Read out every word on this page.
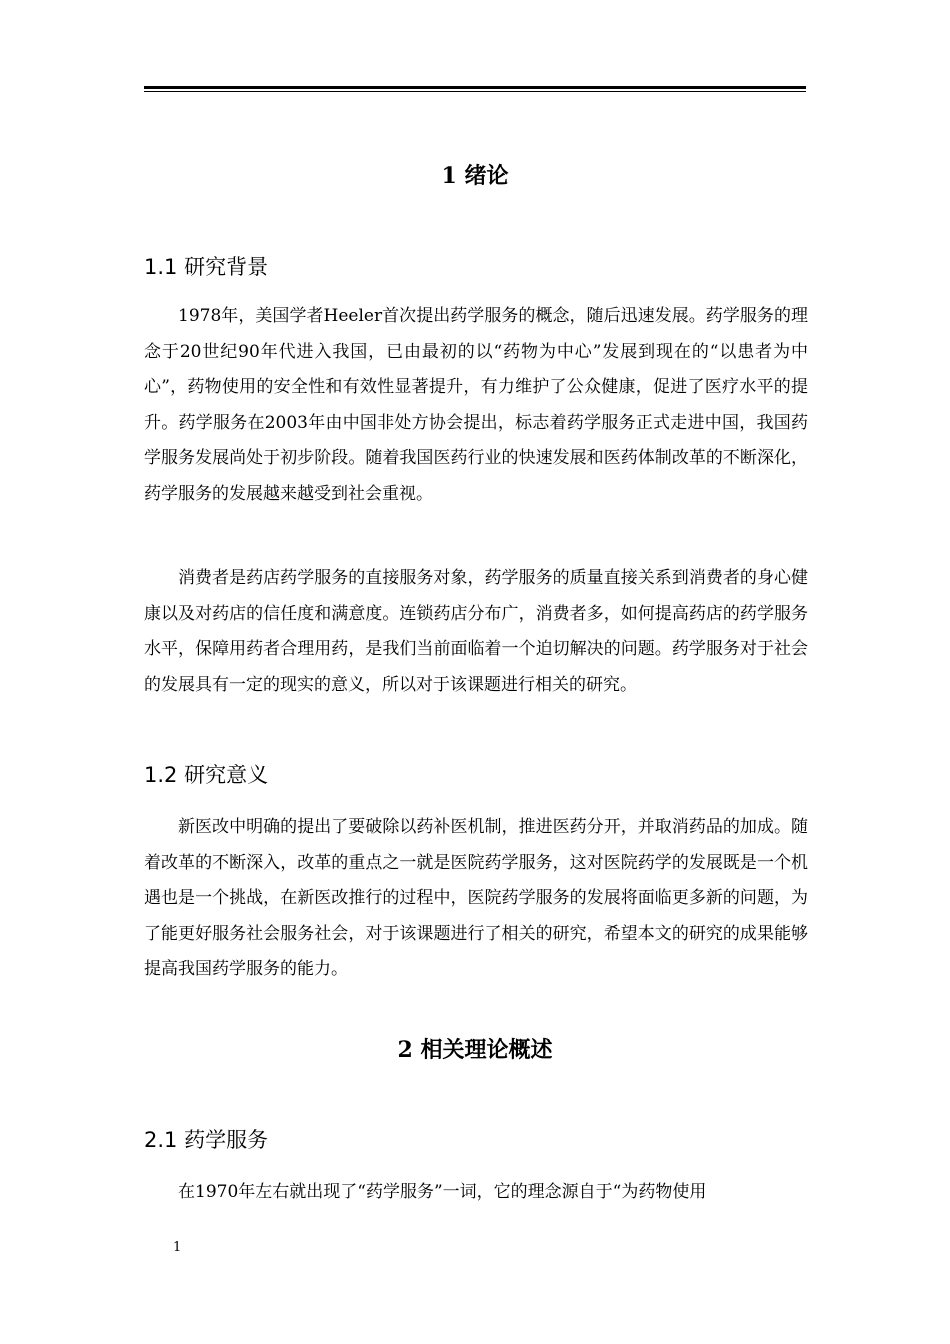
1 绪论
1.1 研究背景

1978年，美国学者Heeler首次提出药学服务的概念，随后迅速发展。药学服务的理念于20世纪90年代进入我国，已由最初的以“药物为中心”发展到现在的“以患者为中心”，药物使用的安全性和有效性显著提升，有力维护了公众健康，促进了医疗水平的提升。药学服务在2003年由中国非处方协会提出，标志着药学服务正式走进中国，我国药学服务发展尚处于初步阶段。随着我国医药行业的快速发展和医药体制改革的不断深化，药学服务的发展越来越受到社会重视。

消费者是药店药学服务的直接服务对象，药学服务的质量直接关系到消费者的身心健康以及对药店的信任度和满意度。连锁药店分布广，消费者多，如何提高药店的药学服务水平，保障用药者合理用药，是我们当前面临着一个迫切解决的问题。药学服务对于社会的发展具有一定的现实的意义，所以对于该课题进行相关的研究。

1.2 研究意义

新医改中明确的提出了要破除以药补医机制，推进医药分开，并取消药品的加成。随着改革的不断深入，改革的重点之一就是医院药学服务，这对医院药学的发展既是一个机遇也是一个挑战，在新医改推行的过程中，医院药学服务的发展将面临更多新的问题，为了能更好服务社会服务社会，对于该课题进行了相关的研究，希望本文的研究的成果能够提高我国药学服务的能力。

2 相关理论概述
2.1 药学服务

在1970年左右就出现了“药学服务”一词，它的理念源自于“为药物使用

1
